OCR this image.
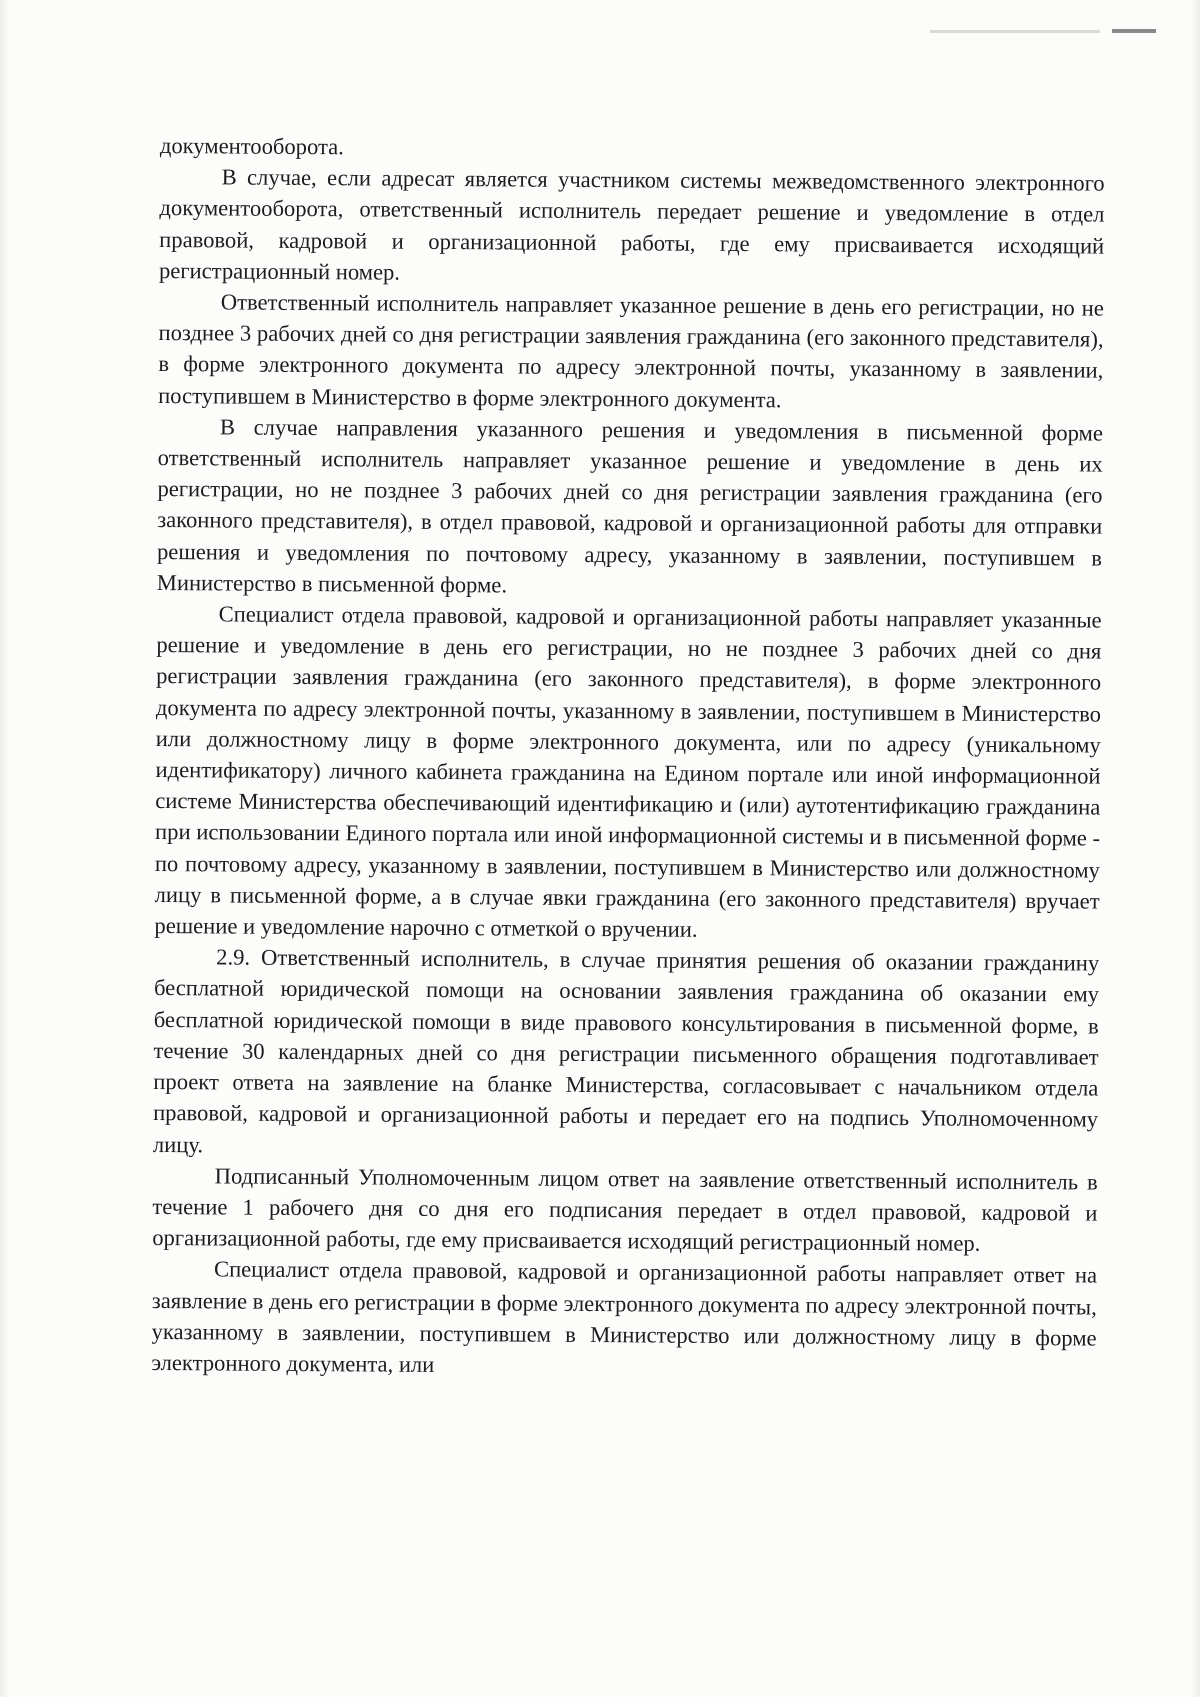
документооборота.

В случае, если адресат является участником системы межведомственного электронного документооборота, ответственный исполнитель передает решение и уведомление в отдел правовой, кадровой и организационной работы, где ему присваивается исходящий регистрационный номер.

Ответственный исполнитель направляет указанное решение в день его регистрации, но не позднее 3 рабочих дней со дня регистрации заявления гражданина (его законного представителя), в форме электронного документа по адресу электронной почты, указанному в заявлении, поступившем в Министерство в форме электронного документа.

В случае направления указанного решения и уведомления в письменной форме ответственный исполнитель направляет указанное решение и уведомление в день их регистрации, но не позднее 3 рабочих дней со дня регистрации заявления гражданина (его законного представителя), в отдел правовой, кадровой и организационной работы для отправки решения и уведомления по почтовому адресу, указанному в заявлении, поступившем в Министерство в письменной форме.

Специалист отдела правовой, кадровой и организационной работы направляет указанные решение и уведомление в день его регистрации, но не позднее 3 рабочих дней со дня регистрации заявления гражданина (его законного представителя), в форме электронного документа по адресу электронной почты, указанному в заявлении, поступившем в Министерство или должностному лицу в форме электронного документа, или по адресу (уникальному идентификатору) личного кабинета гражданина на Едином портале или иной информационной системе Министерства обеспечивающий идентификацию и (или) аутотентификацию гражданина при использовании Единого портала или иной информационной системы и в письменной форме - по почтовому адресу, указанному в заявлении, поступившем в Министерство или должностному лицу в письменной форме, а в случае явки гражданина (его законного представителя) вручает решение и уведомление нарочно с отметкой о вручении.

2.9. Ответственный исполнитель, в случае принятия решения об оказании гражданину бесплатной юридической помощи на основании заявления гражданина об оказании ему бесплатной юридической помощи в виде правового консультирования в письменной форме, в течение 30 календарных дней со дня регистрации письменного обращения подготавливает проект ответа на заявление на бланке Министерства, согласовывает с начальником отдела правовой, кадровой и организационной работы и передает его на подпись Уполномоченному лицу.

Подписанный Уполномоченным лицом ответ на заявление ответственный исполнитель в течение 1 рабочего дня со дня его подписания передает в отдел правовой, кадровой и организационной работы, где ему присваивается исходящий регистрационный номер.

Специалист отдела правовой, кадровой и организационной работы направляет ответ на заявление в день его регистрации в форме электронного документа по адресу электронной почты, указанному в заявлении, поступившем в Министерство или должностному лицу в форме электронного документа, или
